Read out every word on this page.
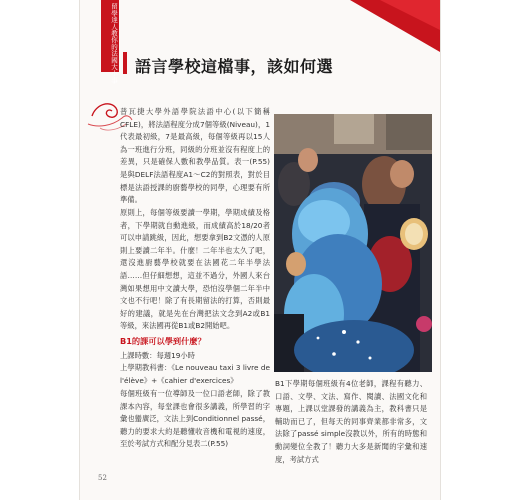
留學達人教你的法國大小事 語言學校這檔事，該如何選
普瓦捷大學外語學院法語中心(以下簡稱CFLE)，將法語程度分成7個等級(Niveau)，1代表最初級，7是最高級，每個等級再以15人為一班進行分班，同級的分班並沒有程度上的差異，只是確保人數和教學品質。表一(P.55)是與DELF法語程度A1～C2的對照表，對於目標是法語授課的廚藝學校的同學，心理要有所準備。
原則上，每個等級要讀一學期，學期成績及格者，下學期就自動進級，而成績高於18/20者可以申請跳級，因此，想要拿到B2文憑的人原則上要讀二年半。什麼！二年半也太久了吧，還沒進廚藝學校就要在法國花二年半學法語……但仔細想想，這並不過分，外國人來台灣如果想用中文讀大學，恐怕沒學個二年半中文也不行吧！除了有長期留法的打算，否則最好的建議，就是先在台灣把法文念到A2或B1等級，來法國再從B1或B2開始吧。
B1的課可以學到什麼？
上課時數：每週19小時
上學期教科書：《Le nouveau taxi 3 livre de l'élève》+《cahier d'exercices》
每個班級有一位導師及一位口語老師，除了教課本內容，每堂課也會很多講義，所學習的字彙也蠻廣泛，文法上到Conditionnel passé，聽力的要求大約是聽懂收音機和電視的速度，至於考試方式和配分見表二(P.55)
B1下學期每個班級有4位老師，課程有聽力、口語、文學、文法、寫作、閱讀、法國文化和專題，上課以堂課發的講義為主，教科書只是輔助而已了，但每天的同事齊業都非常多，文法除了passé simple沒教以外，所有的時態和動詞變位全教了！聽力大多是新聞的字彙和速度，考試方式
52
